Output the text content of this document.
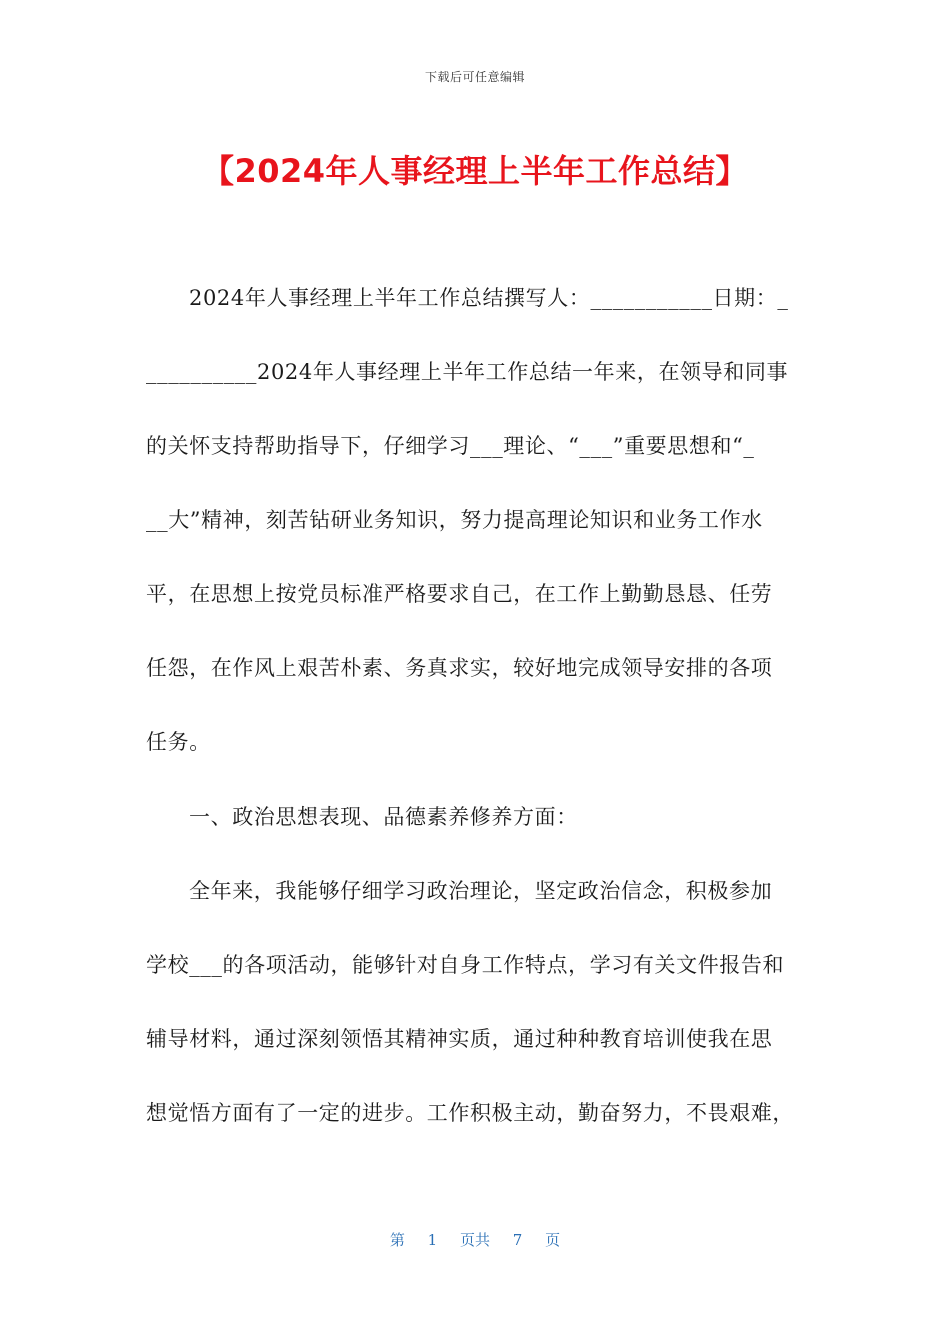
下载后可任意编辑
【2024年人事经理上半年工作总结】
2024年人事经理上半年工作总结撰写人：___________日期：_
__________2024年人事经理上半年工作总结一年来，在领导和同事
的关怀支持帮助指导下，仔细学习___理论、“___”重要思想和“_
__大”精神，刻苦钻研业务知识，努力提高理论知识和业务工作水
平，在思想上按党员标准严格要求自己，在工作上勤勤恳恳、任劳
任怨，在作风上艰苦朴素、务真求实，较好地完成领导安排的各项
任务。
一、政治思想表现、品德素养修养方面：
全年来，我能够仔细学习政治理论，坚定政治信念，积极参加
学校___的各项活动，能够针对自身工作特点，学习有关文件报告和
辅导材料，通过深刻领悟其精神实质，通过种种教育培训使我在思
想觉悟方面有了一定的进步。工作积极主动，勤奋努力，不畏艰难，
第 1 页共 7 页
